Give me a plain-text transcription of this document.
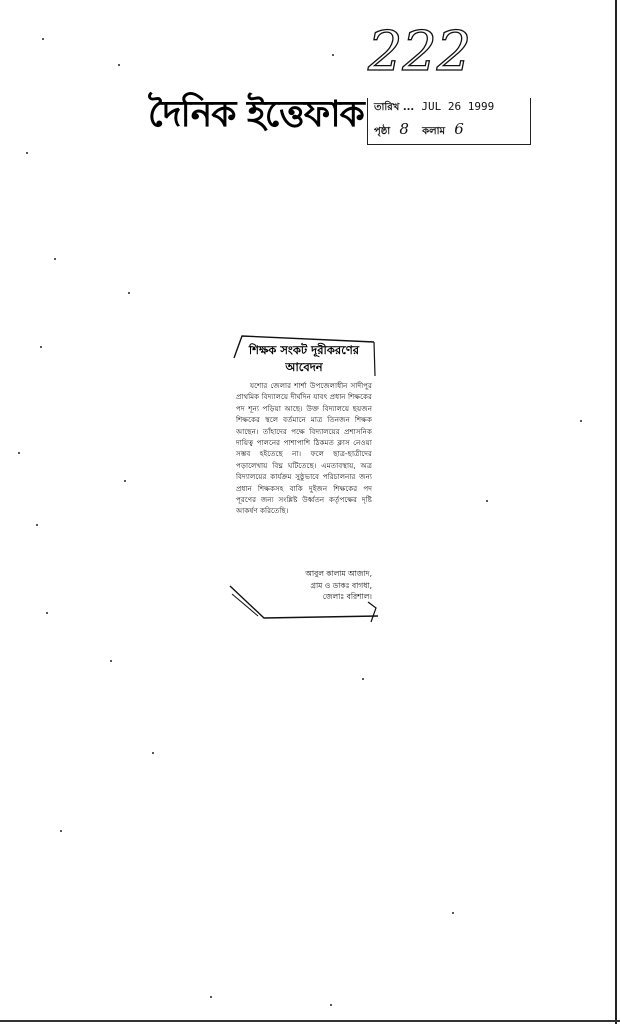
222
দৈনিক ইত্তেফাক তারিখ ... JUL 26 1999
পৃষ্ঠা 8 কলাম 6
শিক্ষক সংকট দূরীকরণের আবেদন

যশোর জেলার শার্শা উপজেলাধীন সাদীপুর প্রাথমিক বিদ্যালয়ে দীর্ঘদিন যাবৎ প্রধান শিক্ষকের পদ শূন্য পড়িয়া আছে। উক্ত বিদ্যালয়ে ছয়জন শিক্ষকের স্থলে বর্তমানে মাত্র তিনজন শিক্ষক আছেন। তাঁহাদের পক্ষে বিদ্যালয়ের প্রশাসনিক দায়িত্ব পালনের পাশাপাশি ঠিকমত ক্লাস নেওয়া সম্ভব হইতেছে না। ফলে ছাত্র-ছাত্রীদের পড়ালেখায় বিঘ্ন ঘটিতেছে। এমতাবস্থায়, অত্র বিদ্যালয়ের কার্যক্রম সুষ্ঠুভাবে পরিচালনার জন্য প্রধান শিক্ষকসহ বাকি দুইজন শিক্ষকের পদ পূরণের জন্য সংশ্লিষ্ট উর্ধ্বতন কর্তৃপক্ষের দৃষ্টি আকর্ষণ করিতেছি।

আবুল কালাম আজাদ,
গ্রাম ও ডাকঃ বাগধা,
জেলাঃ বরিশাল।
